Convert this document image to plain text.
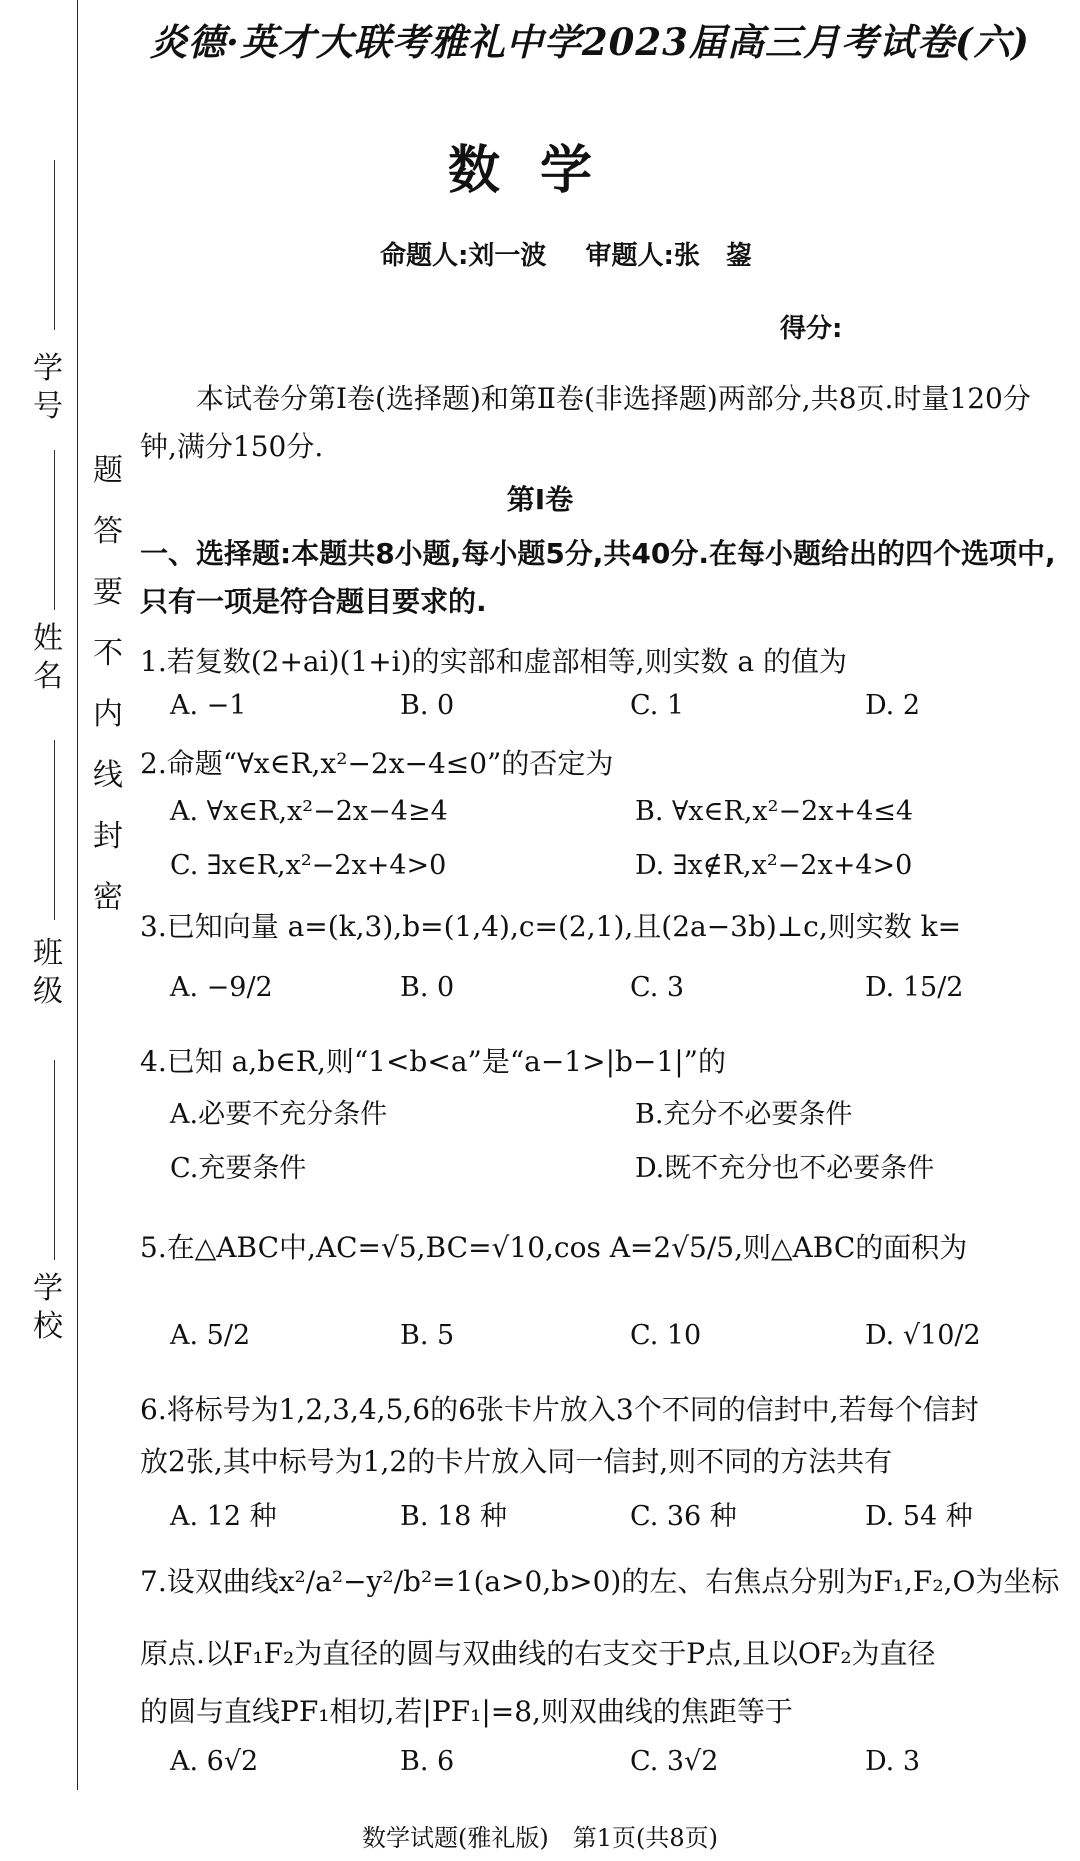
学 号
姓 名
班 级
学 校
题
答
要
不
内
线
封
密
炎德·英才大联考雅礼中学2023届高三月考试卷(六)
数学
命题人:刘一波 审题人:张　鋆
得分:
本试卷分第Ⅰ卷(选择题)和第Ⅱ卷(非选择题)两部分,共8页.时量120分钟,满分150分.
第Ⅰ卷
一、选择题:本题共8小题,每小题5分,共40分.在每小题给出的四个选项中,只有一项是符合题目要求的.
1.若复数(2+ai)(1+i)的实部和虚部相等,则实数 a 的值为
A. −1	B. 0	C. 1	D. 2
2.命题“∀x∈R,x²−2x−4≤0”的否定为
A. ∀x∈R,x²−2x−4≥4	B. ∀x∈R,x²−2x+4≤4
C. ∃x∈R,x²−2x+4>0	D. ∃x∉R,x²−2x+4>0
3.已知向量 a=(k,3),b=(1,4),c=(2,1),且(2a−3b)⊥c,则实数 k=
A. −9/2	B. 0	C. 3	D. 15/2
4.已知 a,b∈R,则“1<b<a”是“a−1>|b−1|”的
A.必要不充分条件	B.充分不必要条件
C.充要条件	D.既不充分也不必要条件
5.在△ABC中,AC=√5,BC=√10,cos A=2√5/5,则△ABC的面积为
A. 5/2	B. 5	C. 10	D. √10/2
6.将标号为1,2,3,4,5,6的6张卡片放入3个不同的信封中,若每个信封
放2张,其中标号为1,2的卡片放入同一信封,则不同的方法共有
A. 12 种	B. 18 种	C. 36 种	D. 54 种
7.设双曲线x²/a²−y²/b²=1(a>0,b>0)的左、右焦点分别为F₁,F₂,O为坐标
原点.以F₁F₂为直径的圆与双曲线的右支交于P点,且以OF₂为直径
的圆与直线PF₁相切,若|PF₁|=8,则双曲线的焦距等于
A. 6√2	B. 6	C. 3√2	D. 3
数学试题(雅礼版)　第1页(共8页)
